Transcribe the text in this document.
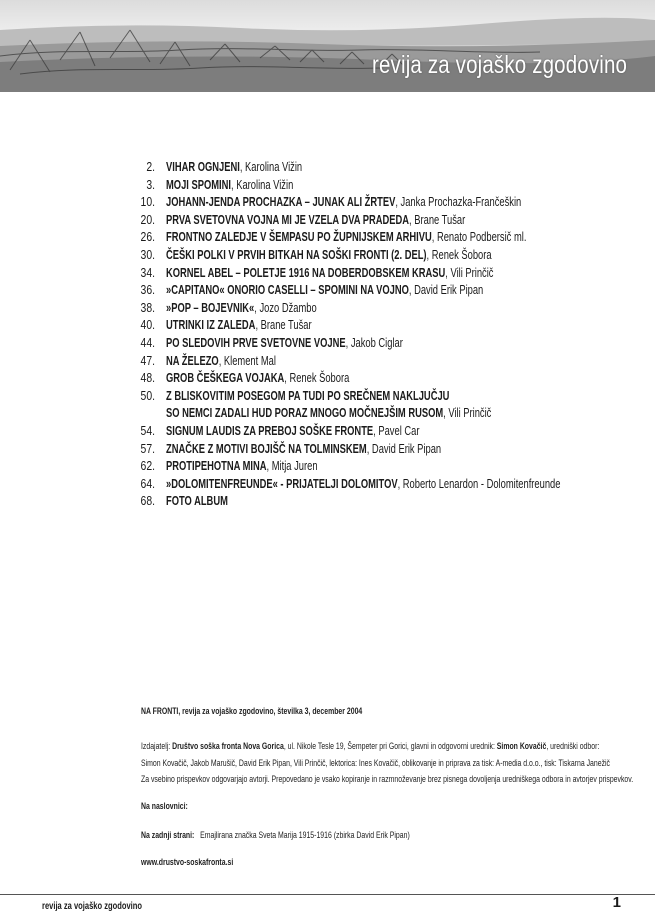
revija za vojaško zgodovino
2. VIHAR OGNJENI, Karolina Vižin
3. MOJI SPOMINI, Karolina Vižin
10. JOHANN-JENDA PROCHAZKA – JUNAK ALI ŽRTEV, Janka Prochazka-Frančeškin
20. PRVA SVETOVNA VOJNA MI JE VZELA DVA PRADEDA, Brane Tušar
26. FRONTNO ZALEDJE V ŠEMPASU PO ŽUPNIJSKEM ARHIVU, Renato Podbersič ml.
30. ČEŠKI POLKI V PRVIH BITKAH NA SOŠKI FRONTI (2. DEL), Renek Šobora
34. KORNEL ABEL – POLETJE 1916 NA DOBERDOBSKEM KRASU, Vili Prinčič
36. »CAPITANO« ONORIO CASELLI – SPOMINI NA VOJNO, David Erik Pipan
38. »POP – BOJEVNIK«, Jozo Džambo
40. UTRINKI IZ ZALEDA, Brane Tušar
44. PO SLEDOVIH PRVE SVETOVNE VOJNE, Jakob Ciglar
47. NA ŽELEZO, Klement Mal
48. GROB ČEŠKEGA VOJAKA, Renek Šobora
50. Z BLISKOVITIM POSEGOM PA TUDI PO SREČNEM NAKLJUČJU
SO NEMCI ZADALI HUD PORAZ MNOGO MOČNEJŠIM RUSOM, Vili Prinčič
54. SIGNUM LAUDIS ZA PREBOJ SOŠKE FRONTE, Pavel Car
57. ZNAČKE Z MOTIVI BOJIŠČ NA TOLMINSKEM, David Erik Pipan
62. PROTIPEHOTNA MINA, Mitja Juren
64. »DOLOMITENFREUNDE« - PRIJATELJI DOLOMITOV, Roberto Lenardon - Dolomitenfreunde
68. FOTO ALBUM
NA FRONTI, revija za vojaško zgodovino, številka 3, december 2004
Izdajatelj: Društvo soška fronta Nova Gorica, ul. Nikole Tesle 19, Šempeter pri Gorici, glavni in odgovorni urednik: Simon Kovačič, uredniški odbor:
Simon Kovačič, Jakob Marušič, David Erik Pipan, Vili Prinčič, lektorica: Ines Kovačič, oblikovanje in priprava za tisk: A-media d.o.o., tisk: Tiskarna Janežič
Za vsebino prispevkov odgovarjajo avtorji. Prepovedano je vsako kopiranje in razmnoževanje brez pisnega dovoljenja uredniškega odbora in avtorjev prispevkov.
Na naslovnici:
Na zadnji strani: Emajlirana značka Sveta Marija 1915-1916 (zbirka David Erik Pipan)
www.drustvo-soskafronta.si
revija za vojaško zgodovino	1
